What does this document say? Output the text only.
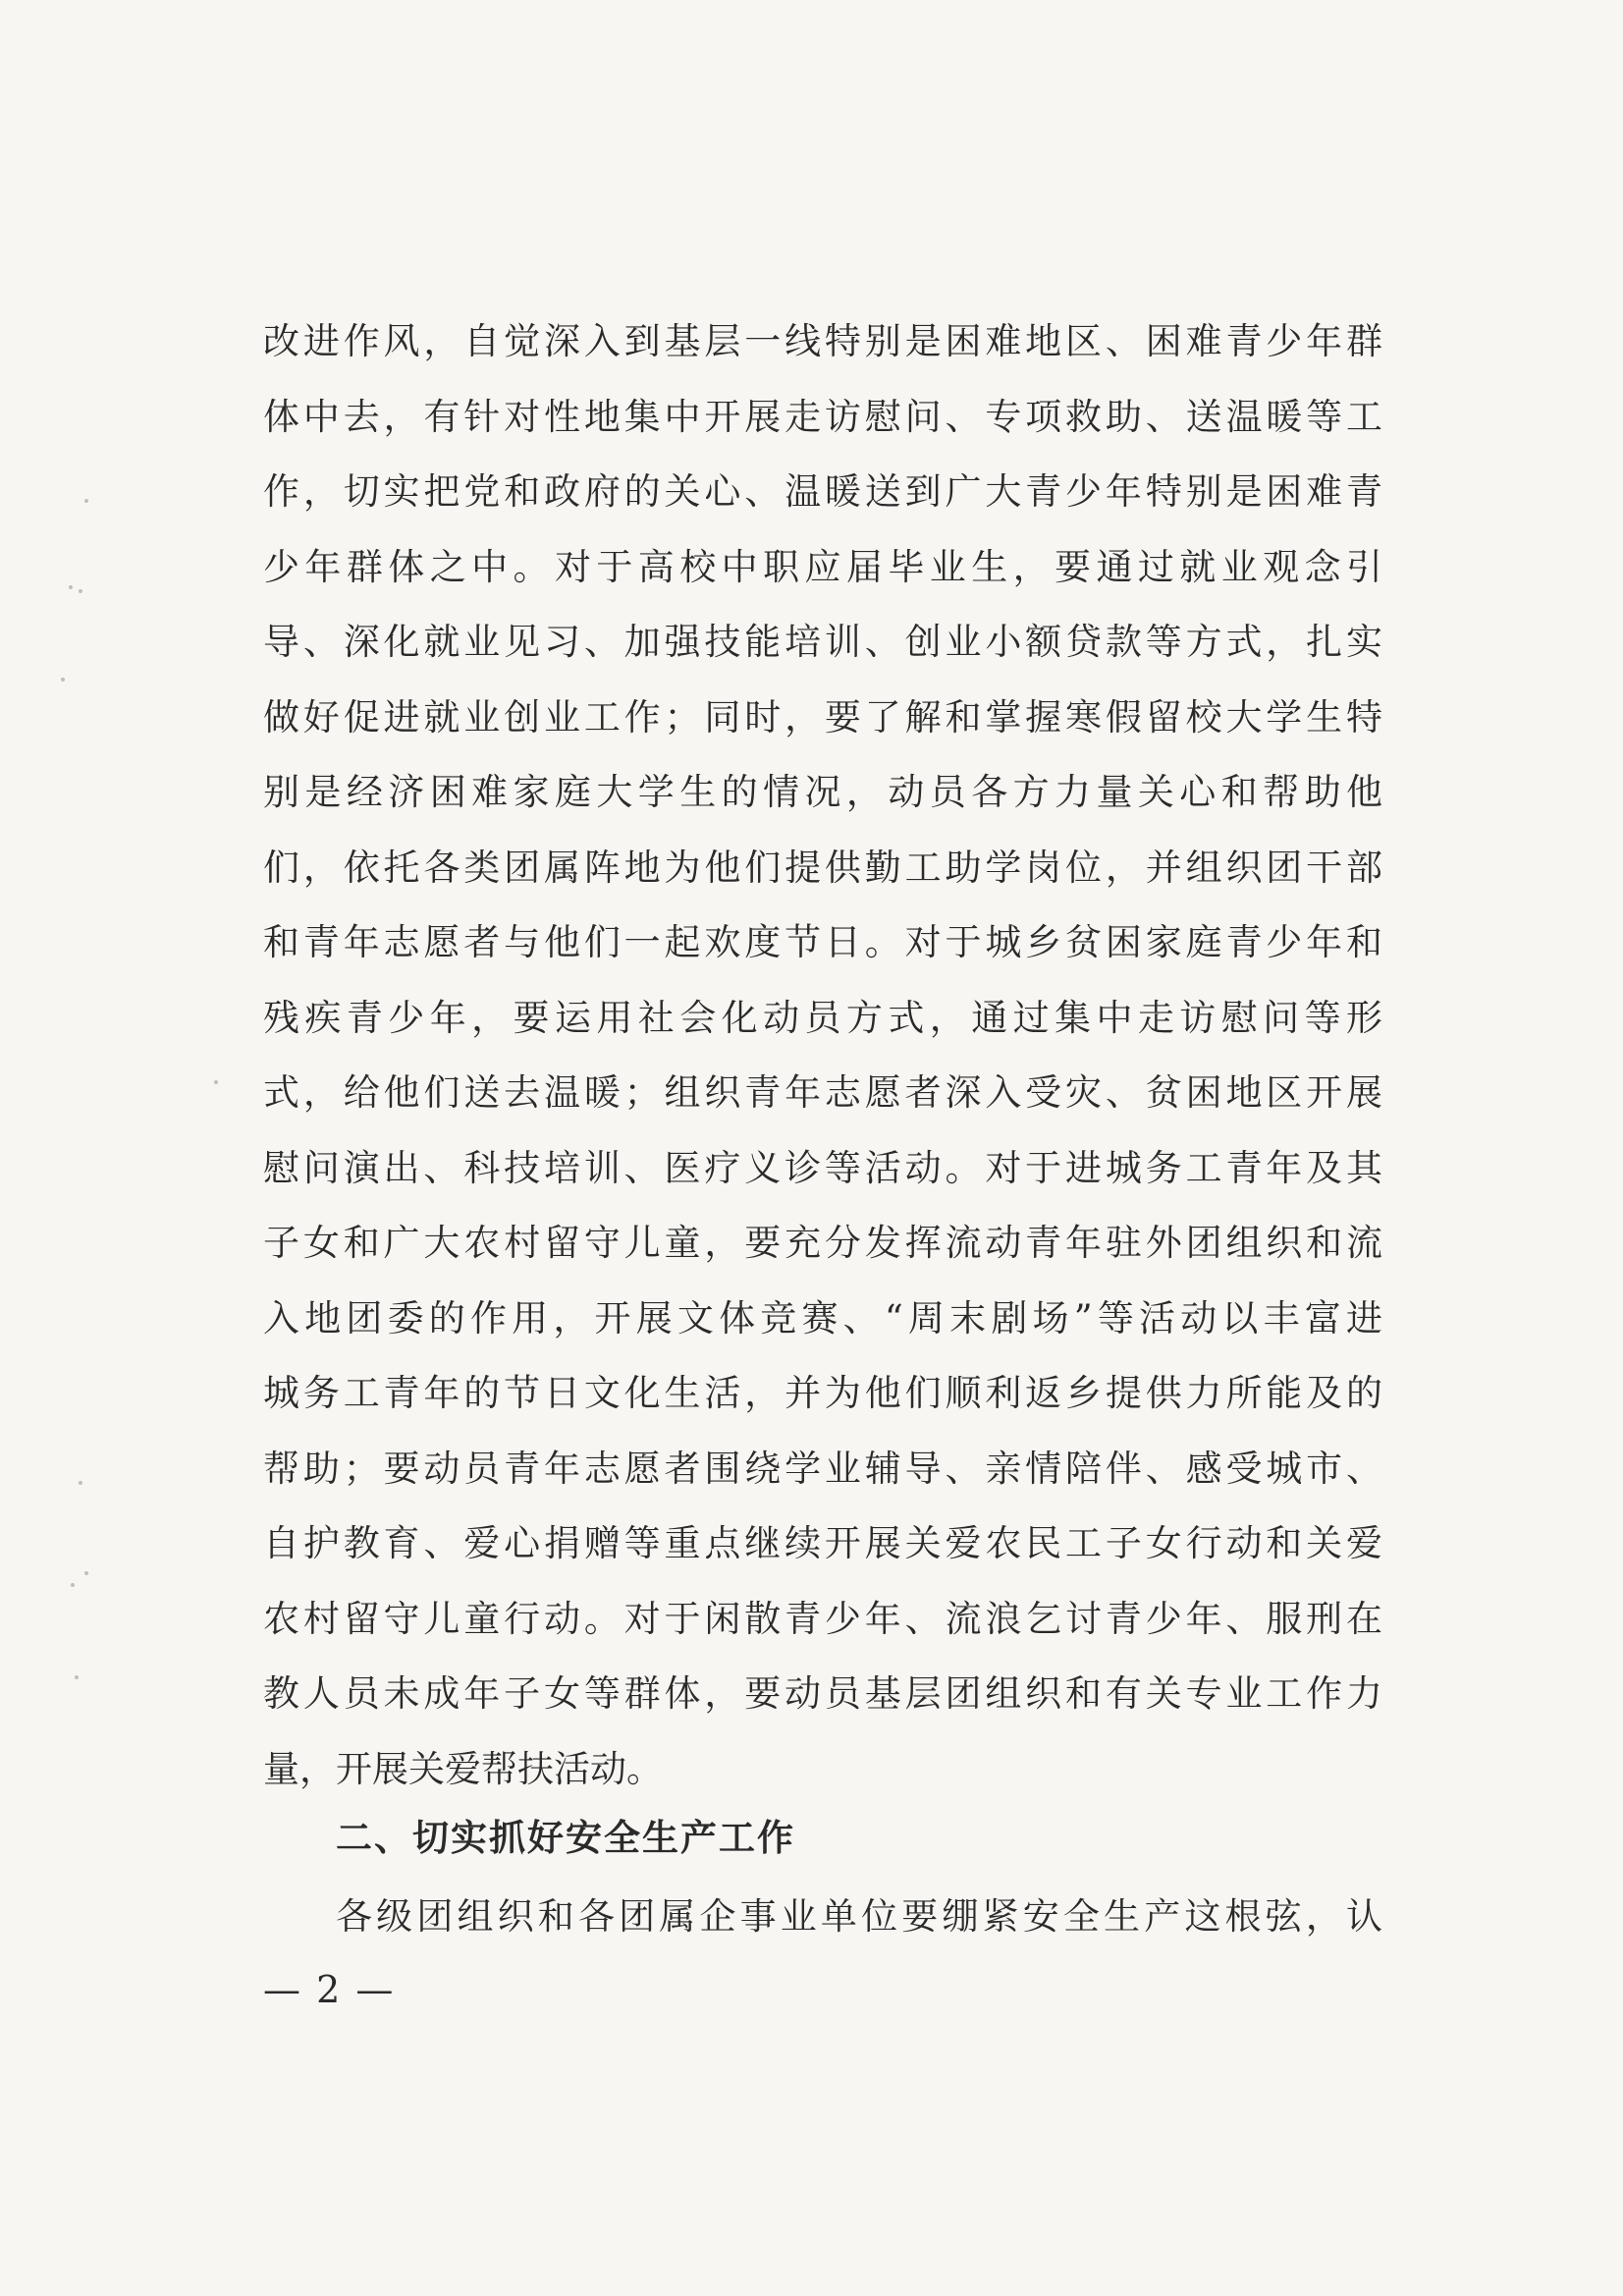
改进作风，自觉深入到基层一线特别是困难地区、困难青少年群
体中去，有针对性地集中开展走访慰问、专项救助、送温暖等工
作，切实把党和政府的关心、温暖送到广大青少年特别是困难青
少年群体之中。对于高校中职应届毕业生，要通过就业观念引
导、深化就业见习、加强技能培训、创业小额贷款等方式，扎实
做好促进就业创业工作；同时，要了解和掌握寒假留校大学生特
别是经济困难家庭大学生的情况，动员各方力量关心和帮助他
们，依托各类团属阵地为他们提供勤工助学岗位，并组织团干部
和青年志愿者与他们一起欢度节日。对于城乡贫困家庭青少年和
残疾青少年，要运用社会化动员方式，通过集中走访慰问等形
式，给他们送去温暖；组织青年志愿者深入受灾、贫困地区开展
慰问演出、科技培训、医疗义诊等活动。对于进城务工青年及其
子女和广大农村留守儿童，要充分发挥流动青年驻外团组织和流
入地团委的作用，开展文体竞赛、“周末剧场”等活动以丰富进
城务工青年的节日文化生活，并为他们顺利返乡提供力所能及的
帮助；要动员青年志愿者围绕学业辅导、亲情陪伴、感受城市、
自护教育、爱心捐赠等重点继续开展关爱农民工子女行动和关爱
农村留守儿童行动。对于闲散青少年、流浪乞讨青少年、服刑在
教人员未成年子女等群体，要动员基层团组织和有关专业工作力
量，开展关爱帮扶活动。
二、切实抓好安全生产工作
各级团组织和各团属企事业单位要绷紧安全生产这根弦，认
— 2 —
